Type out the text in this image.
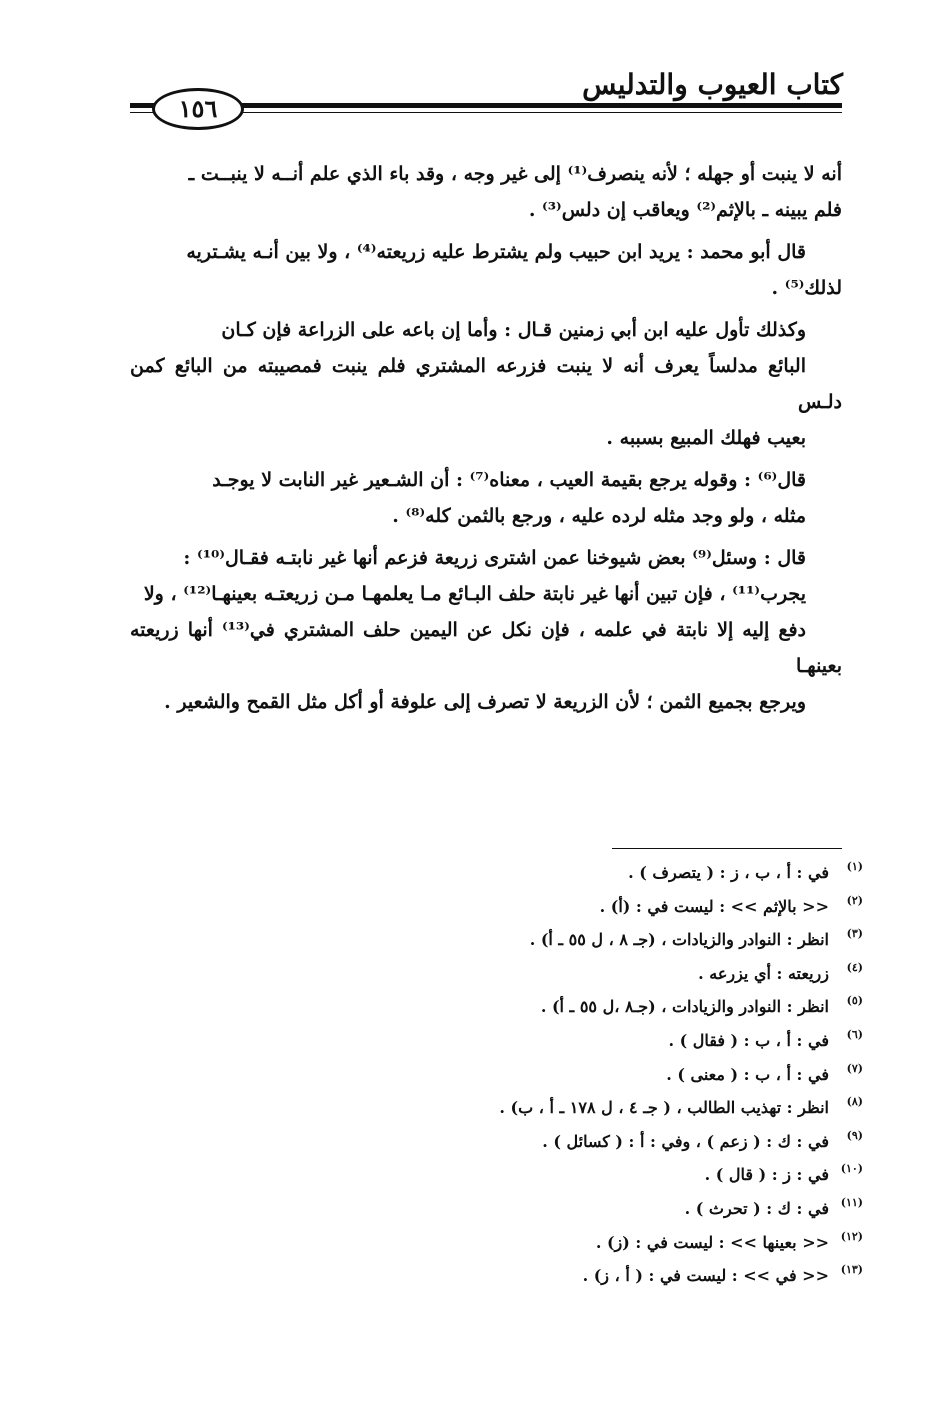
كتاب العيوب والتدليس
١٥٦

أنه لا ينبت أو جهله ؛ لأنه ينصرف⁽¹⁾ إلى غير وجه ، وقد باء الذي علم أنــه لا ينبــت ـ
فلم يبينه ـ بالإثم⁽²⁾ ويعاقب إن دلس⁽³⁾ .

قال أبو محمد : يريد ابن حبيب ولم يشترط عليه زريعته⁽⁴⁾ ، ولا بين أنـه يشـتريه
لذلك⁽⁵⁾ .

وكذلك تأول عليه ابن أبي زمنين قـال : وأما إن باعه على الزراعة فإن كـان
البائع مدلساً يعرف أنه لا ينبت فزرعه المشتري فلم ينبت فمصيبته من البائع كمن دلـس
بعيب فهلك المبيع بسببه .

قال⁽⁶⁾ : وقوله يرجع بقيمة العيب ، معناه⁽⁷⁾ : أن الشـعير غير النابت لا يوجـد
مثله ، ولو وجد مثله لرده عليه ، ورجع بالثمن كله⁽⁸⁾ .

قال : وسئل⁽⁹⁾ بعض شيوخنا عمن اشترى زريعة فزعم أنها غير نابتـه فقـال⁽¹⁰⁾ :
يجرب⁽¹¹⁾ ، فإن تبين أنها غير نابتة حلف البـائع مـا يعلمهـا مـن زريعتـه بعينهـا⁽¹²⁾ ، ولا
دفع إليه إلا نابتة في علمه ، فإن نكل عن اليمين حلف المشتري في⁽¹³⁾ أنها زريعته بعينهـا
ويرجع بجميع الثمن ؛ لأن الزريعة لا تصرف إلى علوفة أو أكل مثل القمح والشعير .

(١)في : أ ، ب ، ز : ( يتصرف ) .
(٢)<< بالإثم >> : ليست في : (أ) .
(٣)انظر : النوادر والزيادات ، (جـ ٨ ، ل ٥٥ ـ أ) .
(٤)زريعته : أي يزرعه .
(٥)انظر : النوادر والزيادات ، (جـ٨ ،ل ٥٥ ـ أ) .
(٦)في : أ ، ب : ( فقال ) .
(٧)في : أ ، ب : ( معنى ) .
(٨)انظر : تهذيب الطالب ، ( جـ ٤ ، ل ١٧٨ ـ أ ، ب) .
(٩)في : ك : ( زعم ) ، وفي : أ : ( كسائل ) .
(١٠)في : ز : ( قال ) .
(١١)في : ك : ( تحرث ) .
(١٢)<< بعينها >> : ليست في : (ز) .
(١٣)<< في >> : ليست في : ( أ ، ز) .
